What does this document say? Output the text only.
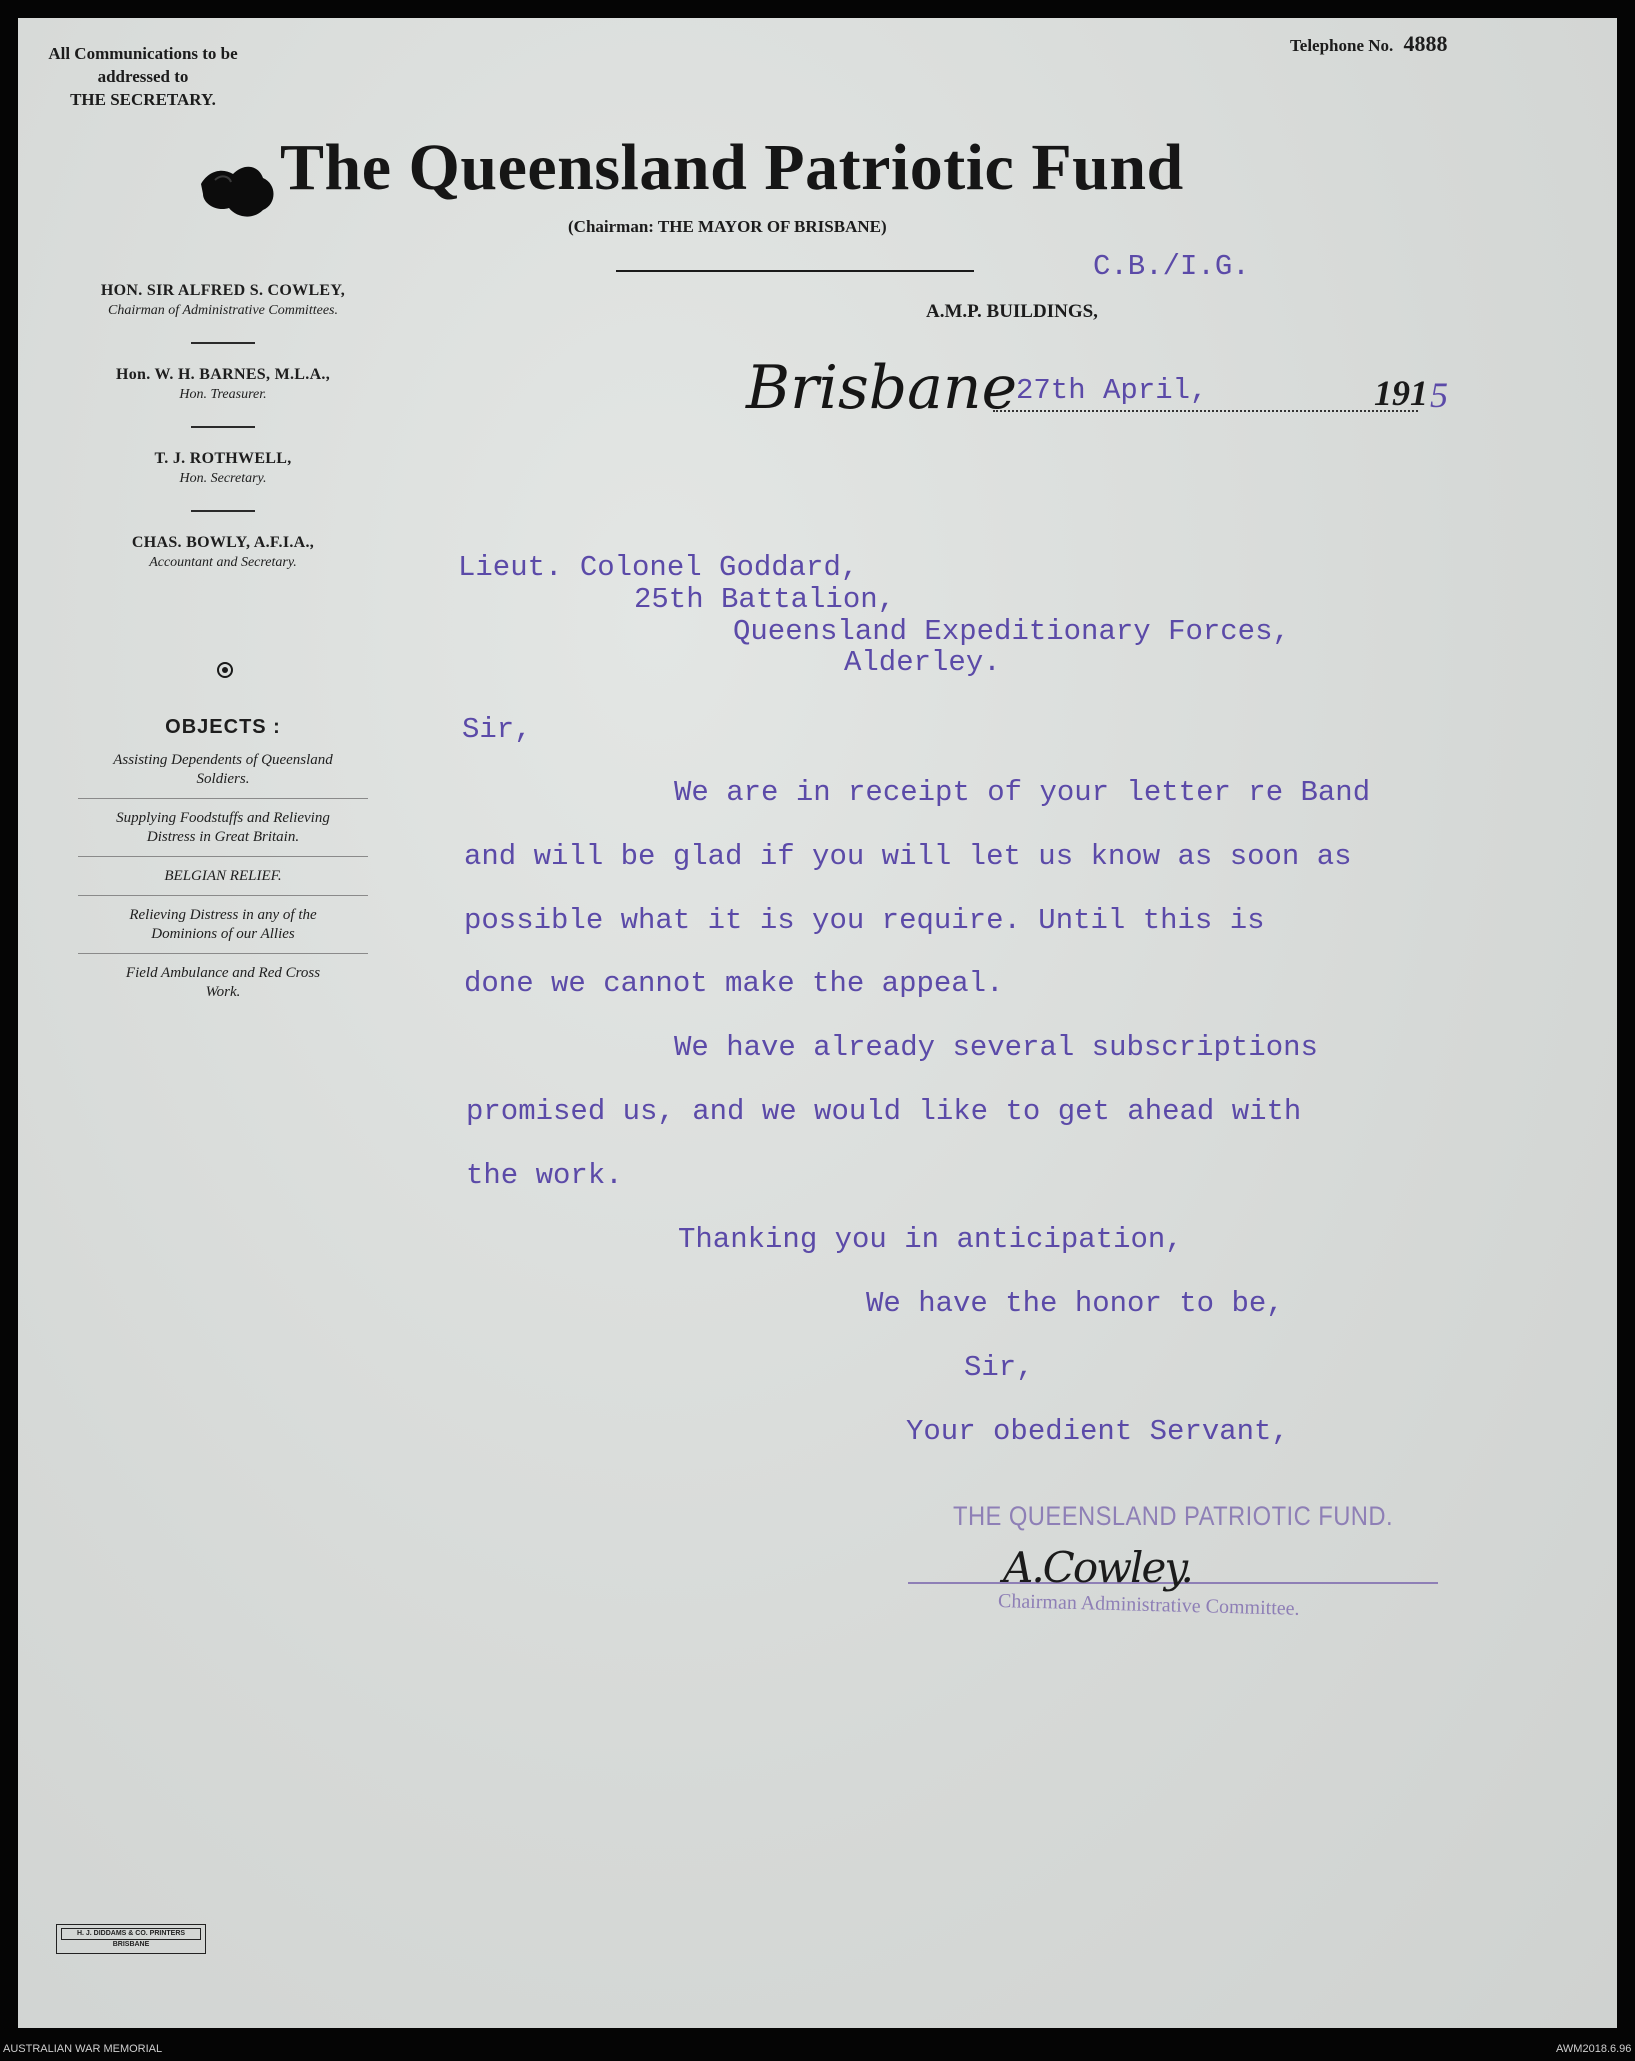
All Communications to be
addressed to
THE SECRETARY.
Telephone No. 4888
The Queensland Patriotic Fund
(Chairman: THE MAYOR OF BRISBANE)
A.M.P. BUILDINGS,
C.B./I.G.
Brisbane
27th April,	191 5
HON. SIR ALFRED S. COWLEY,
Chairman of Administrative Committees.
Hon. W. H. BARNES, M.L.A.,
Hon. Treasurer.
T. J. ROTHWELL,
Hon. Secretary.
CHAS. BOWLY, A.F.I.A.,
Accountant and Secretary.
OBJECTS :
Assisting Dependents of Queensland Soldiers.
Supplying Foodstuffs and Relieving Distress in Great Britain.
BELGIAN RELIEF.
Relieving Distress in any of the Dominions of our Allies
Field Ambulance and Red Cross Work.
Lieut. Colonel Goddard,
25th Battalion,
Queensland Expeditionary Forces,
Alderley.
Sir,
We are in receipt of your letter re Band
and will be glad if you will let us know as soon as
possible what it is you require. Until this is
done we cannot make the appeal.
We have already several subscriptions
promised us, and we would like to get ahead with
the work.
Thanking you in anticipation,
We have the honor to be,
Sir,
Your obedient Servant,
THE QUEENSLAND PATRIOTIC FUND.
A.Cowley.
Chairman Administrative Committee.
H. J. DIDDAMS & CO. PRINTERS
BRISBANE
AUSTRALIAN WAR MEMORIAL	AWM2018.6.96
